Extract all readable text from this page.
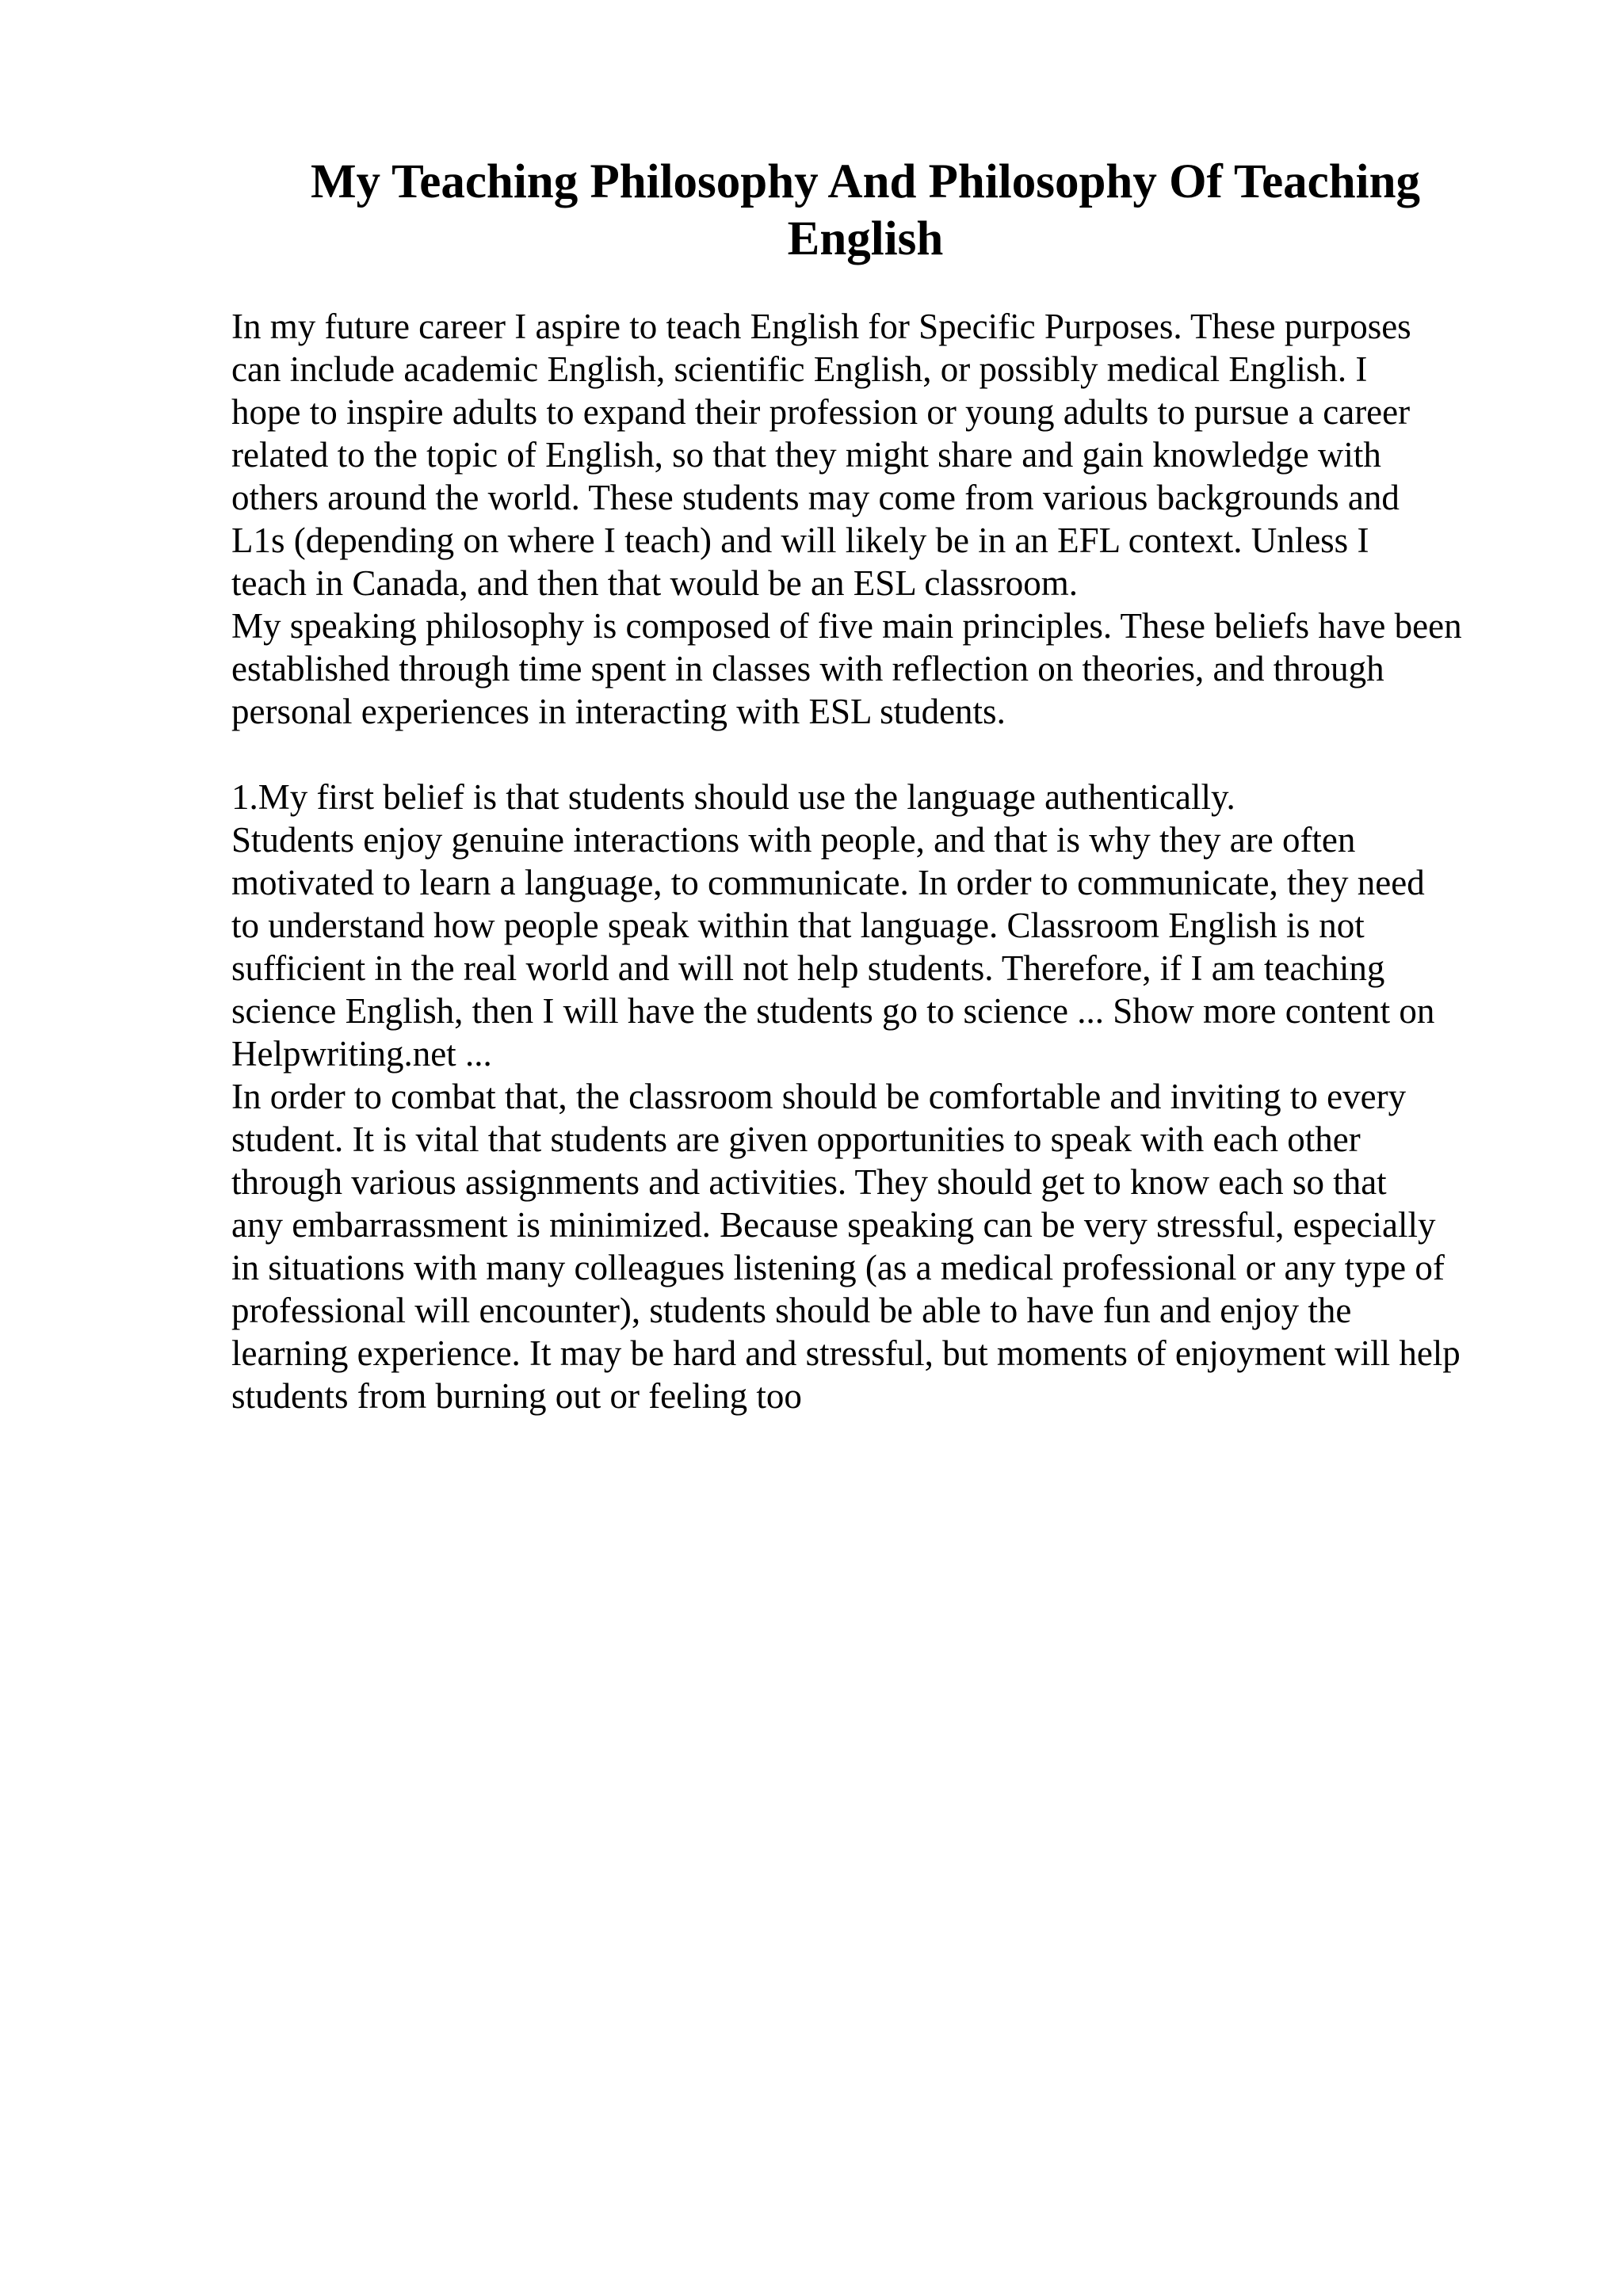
My Teaching Philosophy And Philosophy Of Teaching
English
In my future career I aspire to teach English for Specific Purposes. These purposes
can include academic English, scientific English, or possibly medical English. I
hope to inspire adults to expand their profession or young adults to pursue a career
related to the topic of English, so that they might share and gain knowledge with
others around the world. These students may come from various backgrounds and
L1s (depending on where I teach) and will likely be in an EFL context. Unless I
teach in Canada, and then that would be an ESL classroom.
My speaking philosophy is composed of five main principles. These beliefs have been
established through time spent in classes with reflection on theories, and through
personal experiences in interacting with ESL students.
1.My first belief is that students should use the language authentically.
Students enjoy genuine interactions with people, and that is why they are often
motivated to learn a language, to communicate. In order to communicate, they need
to understand how people speak within that language. Classroom English is not
sufficient in the real world and will not help students. Therefore, if I am teaching
science English, then I will have the students go to science ... Show more content on
Helpwriting.net ...
In order to combat that, the classroom should be comfortable and inviting to every
student. It is vital that students are given opportunities to speak with each other
through various assignments and activities. They should get to know each so that
any embarrassment is minimized. Because speaking can be very stressful, especially
in situations with many colleagues listening (as a medical professional or any type of
professional will encounter), students should be able to have fun and enjoy the
learning experience. It may be hard and stressful, but moments of enjoyment will help
students from burning out or feeling too
